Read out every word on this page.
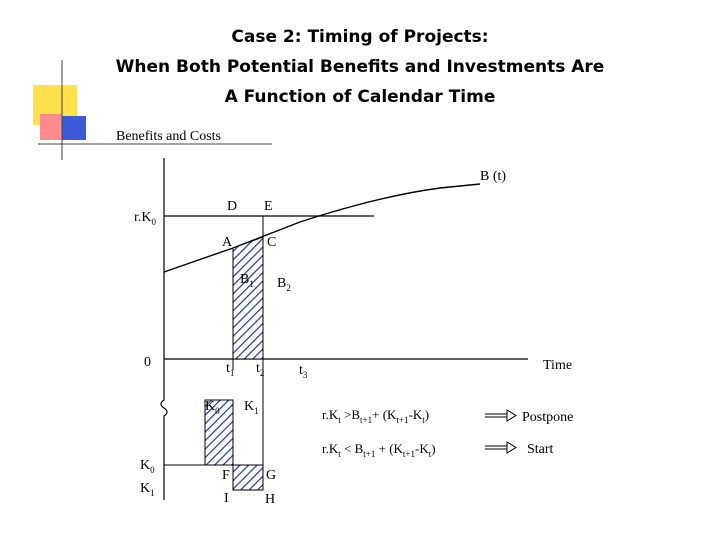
Case 2: Timing of Projects:
When Both Potential Benefits and Investments Are
A Function of Calendar Time
Benefits and Costs
B (t)
Time
0
$r.K_0$
D E
A C
$B_1$ $B_2$
$t_1$ $t_2$ $t_3$
$K_0$ $K_1$
$K_0$
$K_1$
F	G
I	H
$r.K_t >B_{t+1}+ (K_{t+1}-K_t)$	Postpone
$r.K_t < B_{t+1} + (K_{t+1}-K_t)$	Start
